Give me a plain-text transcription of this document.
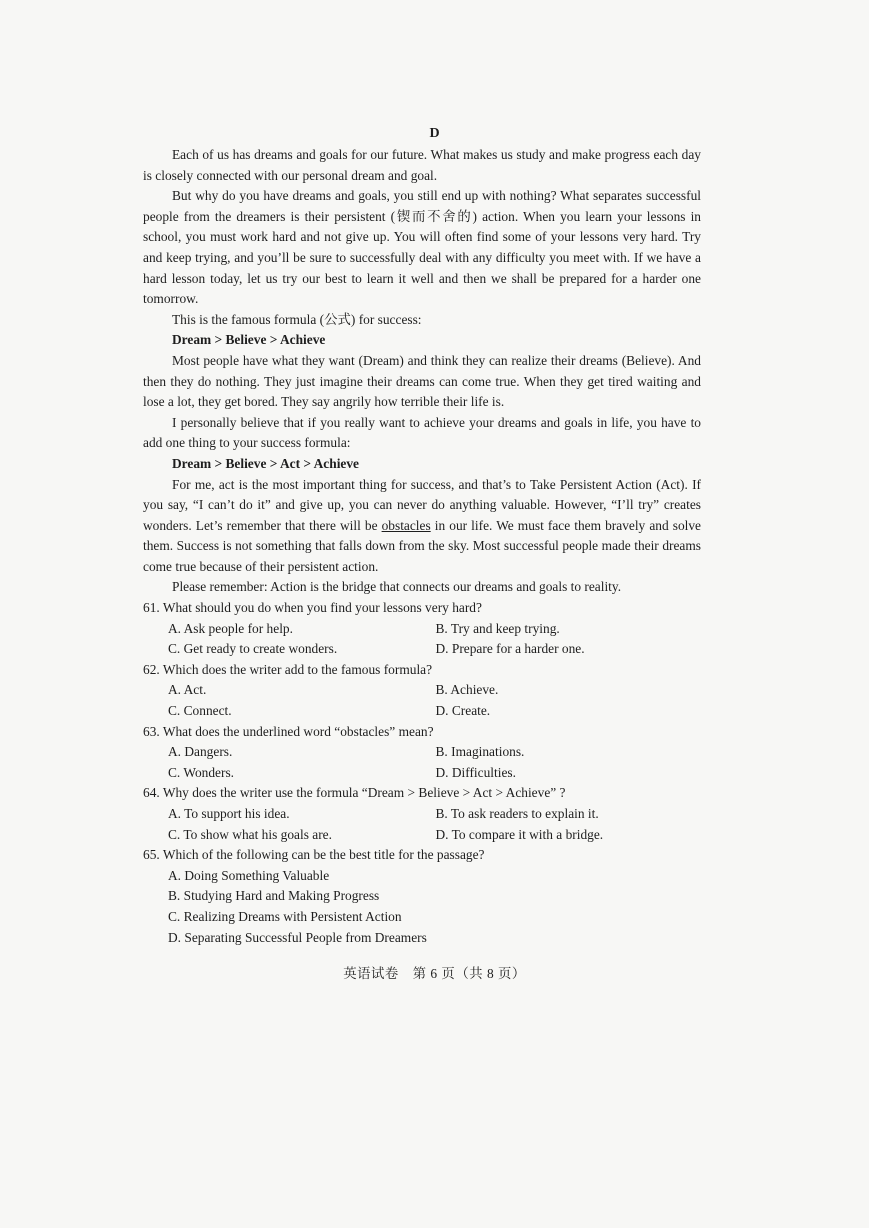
D

Each of us has dreams and goals for our future. What makes us study and make progress each day is closely connected with our personal dream and goal.

But why do you have dreams and goals, you still end up with nothing? What separates successful people from the dreamers is their persistent (锲而不舍的) action. When you learn your lessons in school, you must work hard and not give up. You will often find some of your lessons very hard. Try and keep trying, and you’ll be sure to successfully deal with any difficulty you meet with. If we have a hard lesson today, let us try our best to learn it well and then we shall be prepared for a harder one tomorrow.

This is the famous formula (公式) for success:

Dream > Believe > Achieve

Most people have what they want (Dream) and think they can realize their dreams (Believe). And then they do nothing. They just imagine their dreams can come true. When they get tired waiting and lose a lot, they get bored. They say angrily how terrible their life is.

I personally believe that if you really want to achieve your dreams and goals in life, you have to add one thing to your success formula:

Dream > Believe > Act > Achieve

For me, act is the most important thing for success, and that’s to Take Persistent Action (Act). If you say, “I can’t do it” and give up, you can never do anything valuable. However, “I’ll try” creates wonders. Let’s remember that there will be obstacles in our life. We must face them bravely and solve them. Success is not something that falls down from the sky. Most successful people made their dreams come true because of their persistent action.

Please remember: Action is the bridge that connects our dreams and goals to reality.

61. What should you do when you find your lessons very hard?

A. Ask people for help.	B. Try and keep trying.
C. Get ready to create wonders.	D. Prepare for a harder one.

62. Which does the writer add to the famous formula?

A. Act.	B. Achieve.
C. Connect.	D. Create.

63. What does the underlined word “obstacles” mean?

A. Dangers.	B. Imaginations.
C. Wonders.	D. Difficulties.

64. Why does the writer use the formula “Dream > Believe > Act > Achieve” ?

A. To support his idea.	B. To ask readers to explain it.
C. To show what his goals are.	D. To compare it with a bridge.

65. Which of the following can be the best title for the passage?

A. Doing Something Valuable
B. Studying Hard and Making Progress
C. Realizing Dreams with Persistent Action
D. Separating Successful People from Dreamers
英语试卷　第 6 页（共 8 页）
